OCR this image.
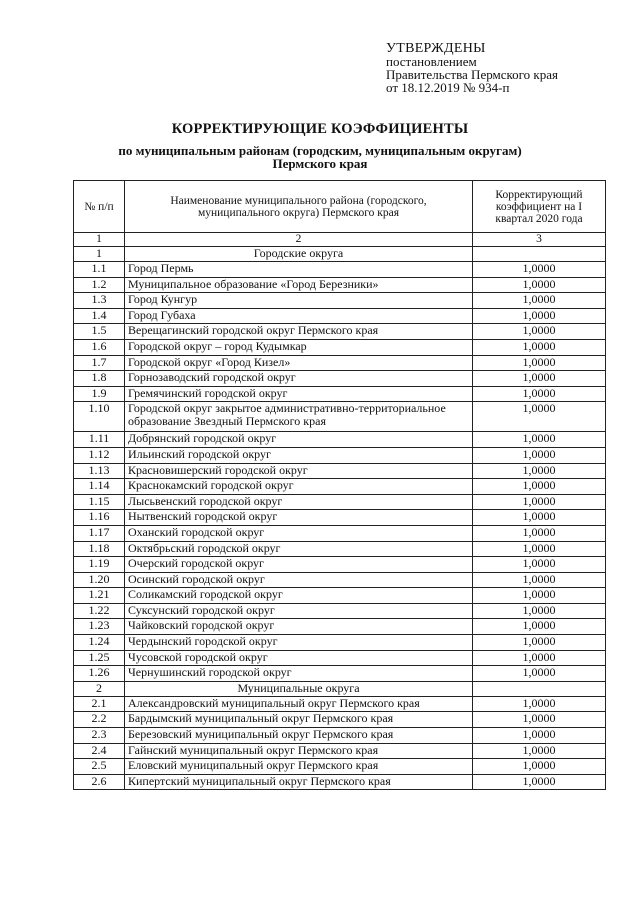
УТВЕРЖДЕНЫ
постановлением
Правительства Пермского края
от 18.12.2019 № 934-п
КОРРЕКТИРУЮЩИЕ КОЭФФИЦИЕНТЫ
по муниципальным районам (городским, муниципальным округам)
Пермского края
№ п/п	Наименование муниципального района (городского, муниципального округа) Пермского края	Корректирующий коэффициент на I квартал 2020 года
1	2	3
1	Городские округа	
1.1	Город Пермь	1,0000
1.2	Муниципальное образование «Город Березники»	1,0000
1.3	Город Кунгур	1,0000
1.4	Город Губаха	1,0000
1.5	Верещагинский городской округ Пермского края	1,0000
1.6	Городской округ – город Кудымкар	1,0000
1.7	Городской округ «Город Кизел»	1,0000
1.8	Горнозаводский городской округ	1,0000
1.9	Гремячинский городской округ	1,0000
1.10	Городской округ закрытое административно-территориальное образование Звездный Пермского края	1,0000
1.11	Добрянский городской округ	1,0000
1.12	Ильинский городской округ	1,0000
1.13	Красновишерский городской округ	1,0000
1.14	Краснокамский городской округ	1,0000
1.15	Лысьвенский городской округ	1,0000
1.16	Нытвенский городской округ	1,0000
1.17	Оханский городской округ	1,0000
1.18	Октябрьский городской округ	1,0000
1.19	Очерский городской округ	1,0000
1.20	Осинский городской округ	1,0000
1.21	Соликамский городской округ	1,0000
1.22	Суксунский городской округ	1,0000
1.23	Чайковский городской округ	1,0000
1.24	Чердынский городской округ	1,0000
1.25	Чусовской городской округ	1,0000
1.26	Чернушинский городской округ	1,0000
2	Муниципальные округа	
2.1	Александровский муниципальный округ Пермского края	1,0000
2.2	Бардымский муниципальный округ Пермского края	1,0000
2.3	Березовский муниципальный округ Пермского края	1,0000
2.4	Гайнский муниципальный округ Пермского края	1,0000
2.5	Еловский муниципальный округ Пермского края	1,0000
2.6	Кипертский муниципальный округ Пермского края	1,0000
